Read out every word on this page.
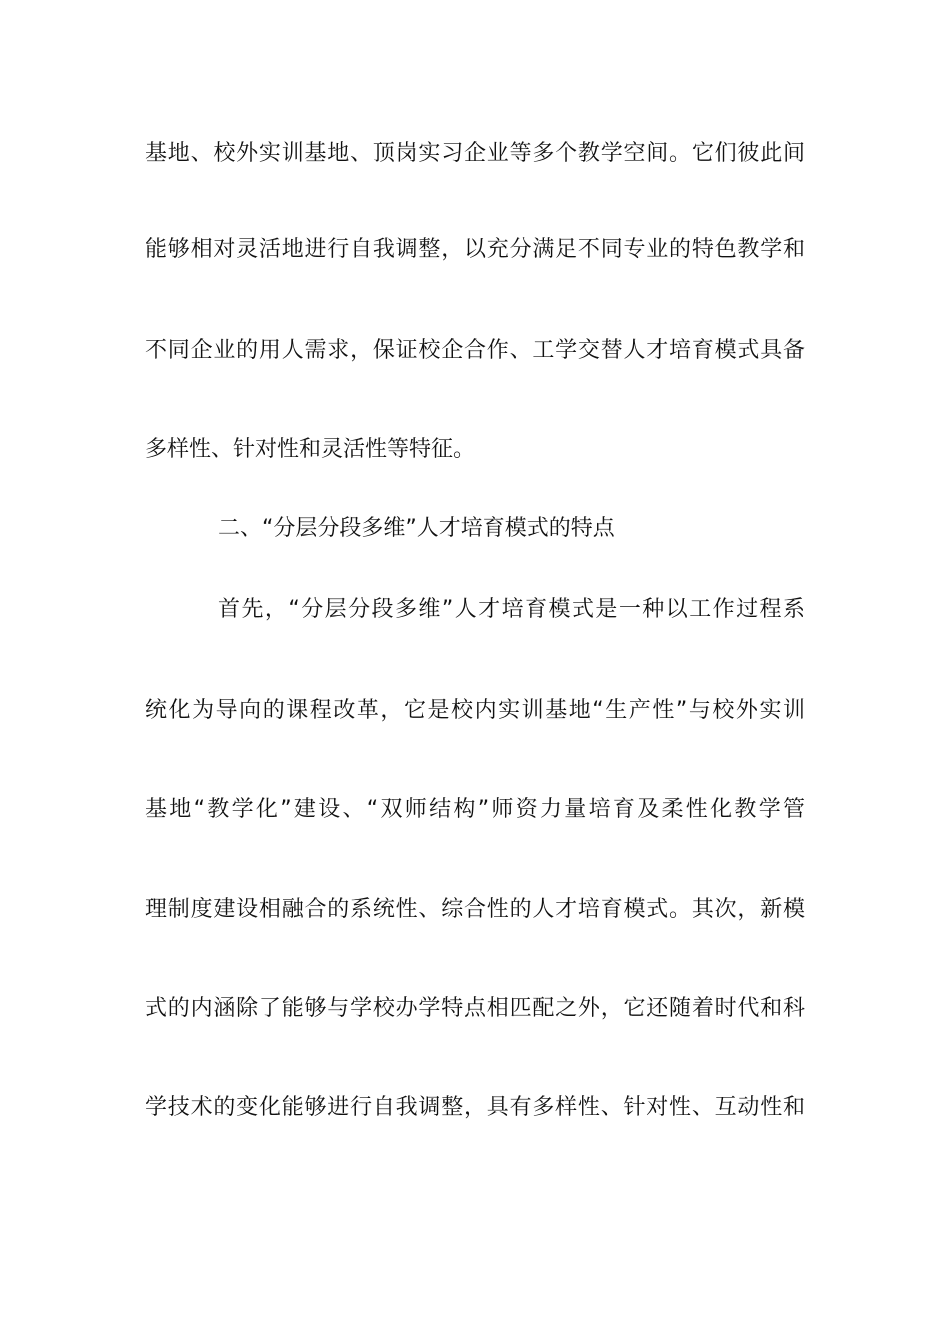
基地、校外实训基地、顶岗实习企业等多个教学空间。它们彼此间
能够相对灵活地进行自我调整，以充分满足不同专业的特色教学和
不同企业的用人需求，保证校企合作、工学交替人才培育模式具备
多样性、针对性和灵活性等特征。
二、“分层分段多维”人才培育模式的特点
首先，“分层分段多维”人才培育模式是一种以工作过程系
统化为导向的课程改革，它是校内实训基地“生产性”与校外实训
基地“教学化”建设、“双师结构”师资力量培育及柔性化教学管
理制度建设相融合的系统性、综合性的人才培育模式。其次，新模
式的内涵除了能够与学校办学特点相匹配之外，它还随着时代和科
学技术的变化能够进行自我调整，具有多样性、针对性、互动性和
